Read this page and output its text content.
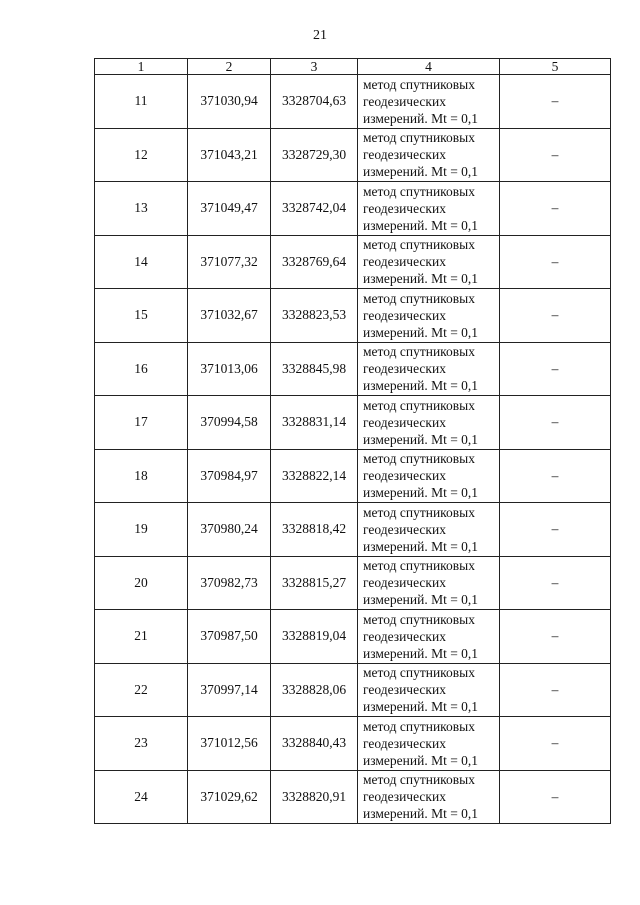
21
1	2	3	4	5
11	371030,94	3328704,63	метод спутниковых
геодезических
измерений. Mt = 0,1	–
12	371043,21	3328729,30	метод спутниковых
геодезических
измерений. Mt = 0,1	–
13	371049,47	3328742,04	метод спутниковых
геодезических
измерений. Mt = 0,1	–
14	371077,32	3328769,64	метод спутниковых
геодезических
измерений. Mt = 0,1	–
15	371032,67	3328823,53	метод спутниковых
геодезических
измерений. Mt = 0,1	–
16	371013,06	3328845,98	метод спутниковых
геодезических
измерений. Mt = 0,1	–
17	370994,58	3328831,14	метод спутниковых
геодезических
измерений. Mt = 0,1	–
18	370984,97	3328822,14	метод спутниковых
геодезических
измерений. Mt = 0,1	–
19	370980,24	3328818,42	метод спутниковых
геодезических
измерений. Mt = 0,1	–
20	370982,73	3328815,27	метод спутниковых
геодезических
измерений. Mt = 0,1	–
21	370987,50	3328819,04	метод спутниковых
геодезических
измерений. Mt = 0,1	–
22	370997,14	3328828,06	метод спутниковых
геодезических
измерений. Mt = 0,1	–
23	371012,56	3328840,43	метод спутниковых
геодезических
измерений. Mt = 0,1	–
24	371029,62	3328820,91	метод спутниковых
геодезических
измерений. Mt = 0,1	–
